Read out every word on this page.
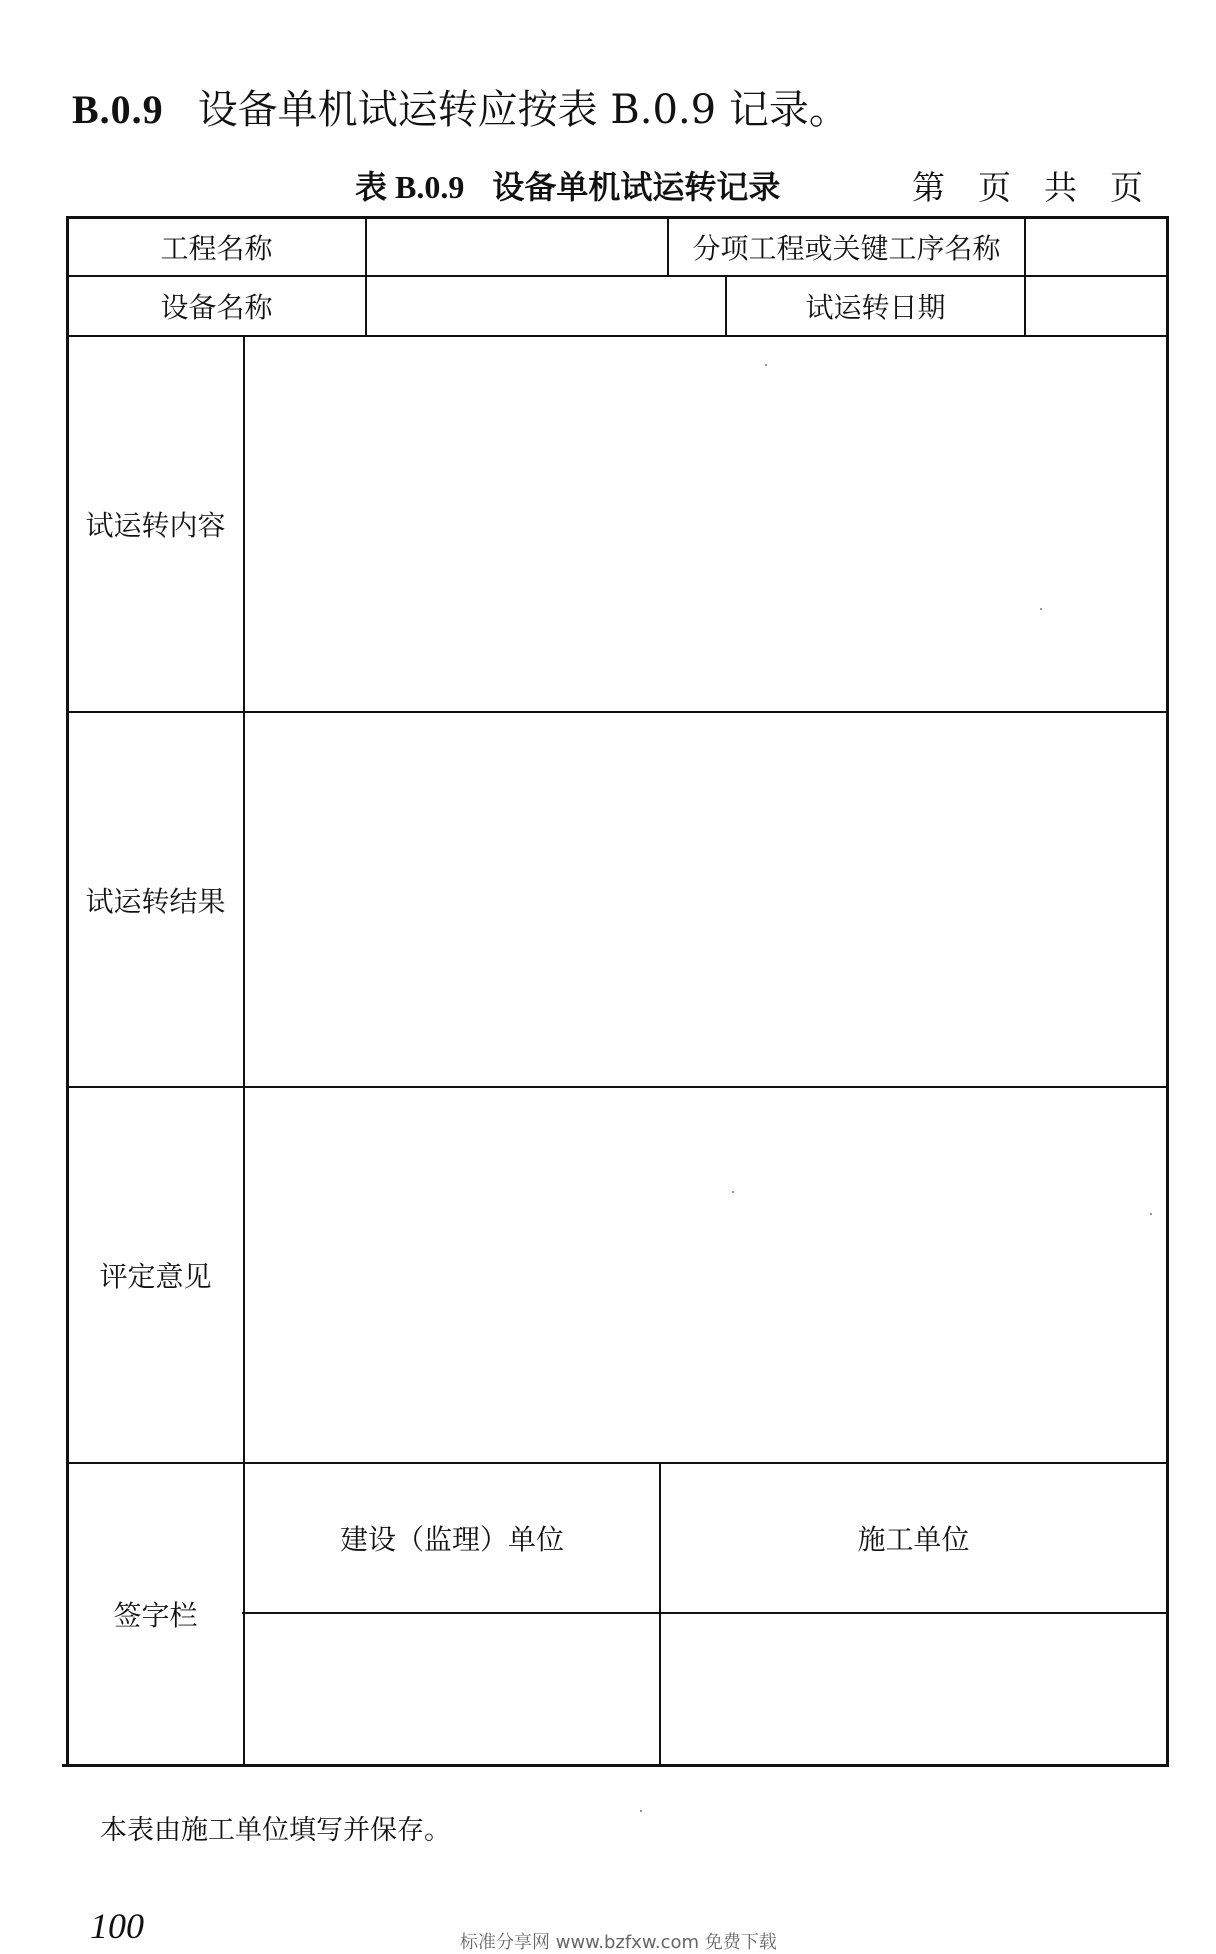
B.0.9 设备单机试运转应按表 B.0.9 记录。
表 B.0.9 设备单机试运转记录	第 页 共 页
工程名称	分项工程或关键工序名称
设备名称	试运转日期
试运转内容
试运转结果
评定意见
签字栏
建设（监理）单位	施工单位
本表由施工单位填写并保存。
100	标准分享网 www.bzfxw.com 免费下载
